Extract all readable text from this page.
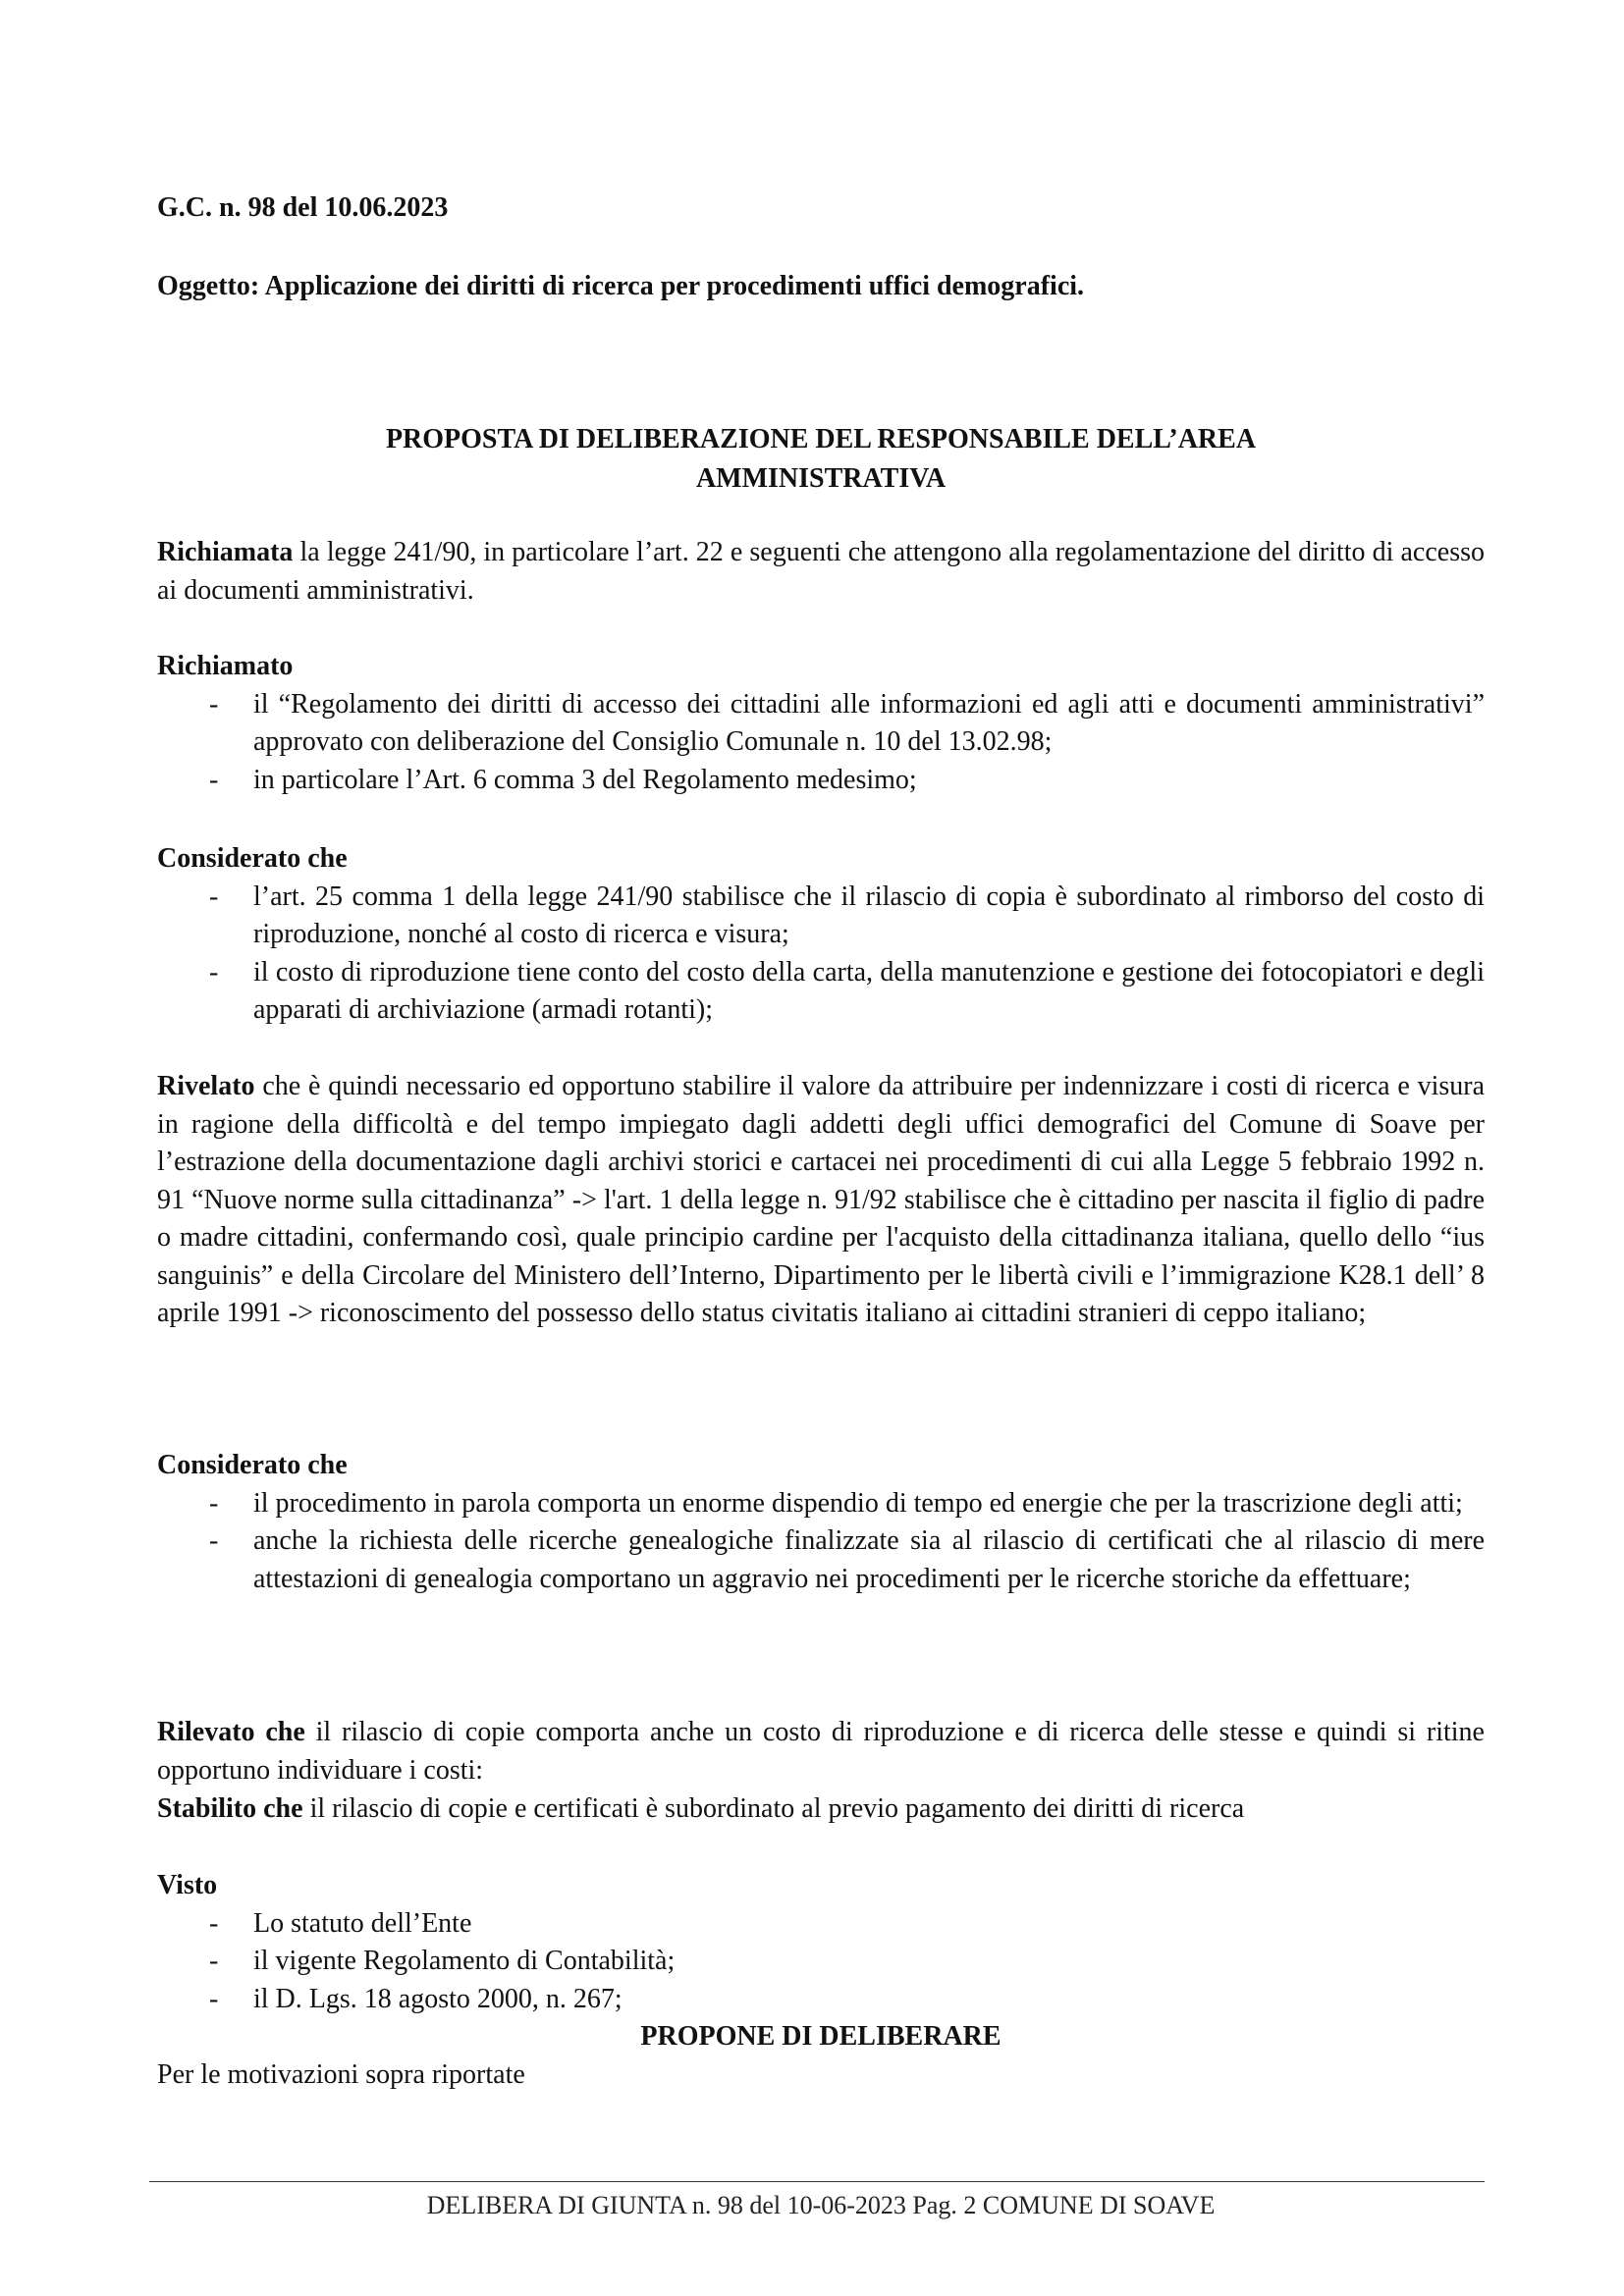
G.C. n. 98 del 10.06.2023
Oggetto: Applicazione dei diritti di ricerca per procedimenti uffici demografici.
PROPOSTA DI DELIBERAZIONE DEL RESPONSABILE DELL’AREA
AMMINISTRATIVA
Richiamata la legge 241/90, in particolare l’art. 22 e seguenti che attengono alla regolamentazione del diritto di accesso ai documenti amministrativi.
Richiamato
- il “Regolamento dei diritti di accesso dei cittadini alle informazioni ed agli atti e documenti amministrativi” approvato con deliberazione del Consiglio Comunale n. 10 del 13.02.98;
- in particolare l’Art. 6 comma 3 del Regolamento medesimo;
Considerato che
- l’art. 25 comma 1 della legge 241/90 stabilisce che il rilascio di copia è subordinato al rimborso del costo di riproduzione, nonché al costo di ricerca e visura;
- il costo di riproduzione tiene conto del costo della carta, della manutenzione e gestione dei fotocopiatori e degli apparati di archiviazione (armadi rotanti);
Rivelato che è quindi necessario ed opportuno stabilire il valore da attribuire per indennizzare i costi di ricerca e visura in ragione della difficoltà e del tempo impiegato dagli addetti degli uffici demografici del Comune di Soave per l’estrazione della documentazione dagli archivi storici e cartacei nei procedimenti di cui alla Legge 5 febbraio 1992 n. 91 “Nuove norme sulla cittadinanza” -> l'art. 1 della legge n. 91/92 stabilisce che è cittadino per nascita il figlio di padre o madre cittadini, confermando così, quale principio cardine per l'acquisto della cittadinanza italiana, quello dello “ius sanguinis” e della Circolare del Ministero dell’Interno, Dipartimento per le libertà civili e l’immigrazione K28.1 dell’ 8 aprile 1991 -> riconoscimento del possesso dello status civitatis italiano ai cittadini stranieri di ceppo italiano;
Considerato che
- il procedimento in parola comporta un enorme dispendio di tempo ed energie che per la trascrizione degli atti;
- anche la richiesta delle ricerche genealogiche finalizzate sia al rilascio di certificati che al rilascio di mere attestazioni di genealogia comportano un aggravio nei procedimenti per le ricerche storiche da effettuare;
Rilevato che il rilascio di copie comporta anche un costo di riproduzione e di ricerca delle stesse e quindi si ritine opportuno individuare i costi:
Stabilito che il rilascio di copie e certificati è subordinato al previo pagamento dei diritti di ricerca
Visto
- Lo statuto dell’Ente
- il vigente Regolamento di Contabilità;
- il D. Lgs. 18 agosto 2000, n. 267;
PROPONE DI DELIBERARE
Per le motivazioni sopra riportate
DELIBERA DI GIUNTA n. 98 del 10-06-2023 Pag. 2 COMUNE DI SOAVE
